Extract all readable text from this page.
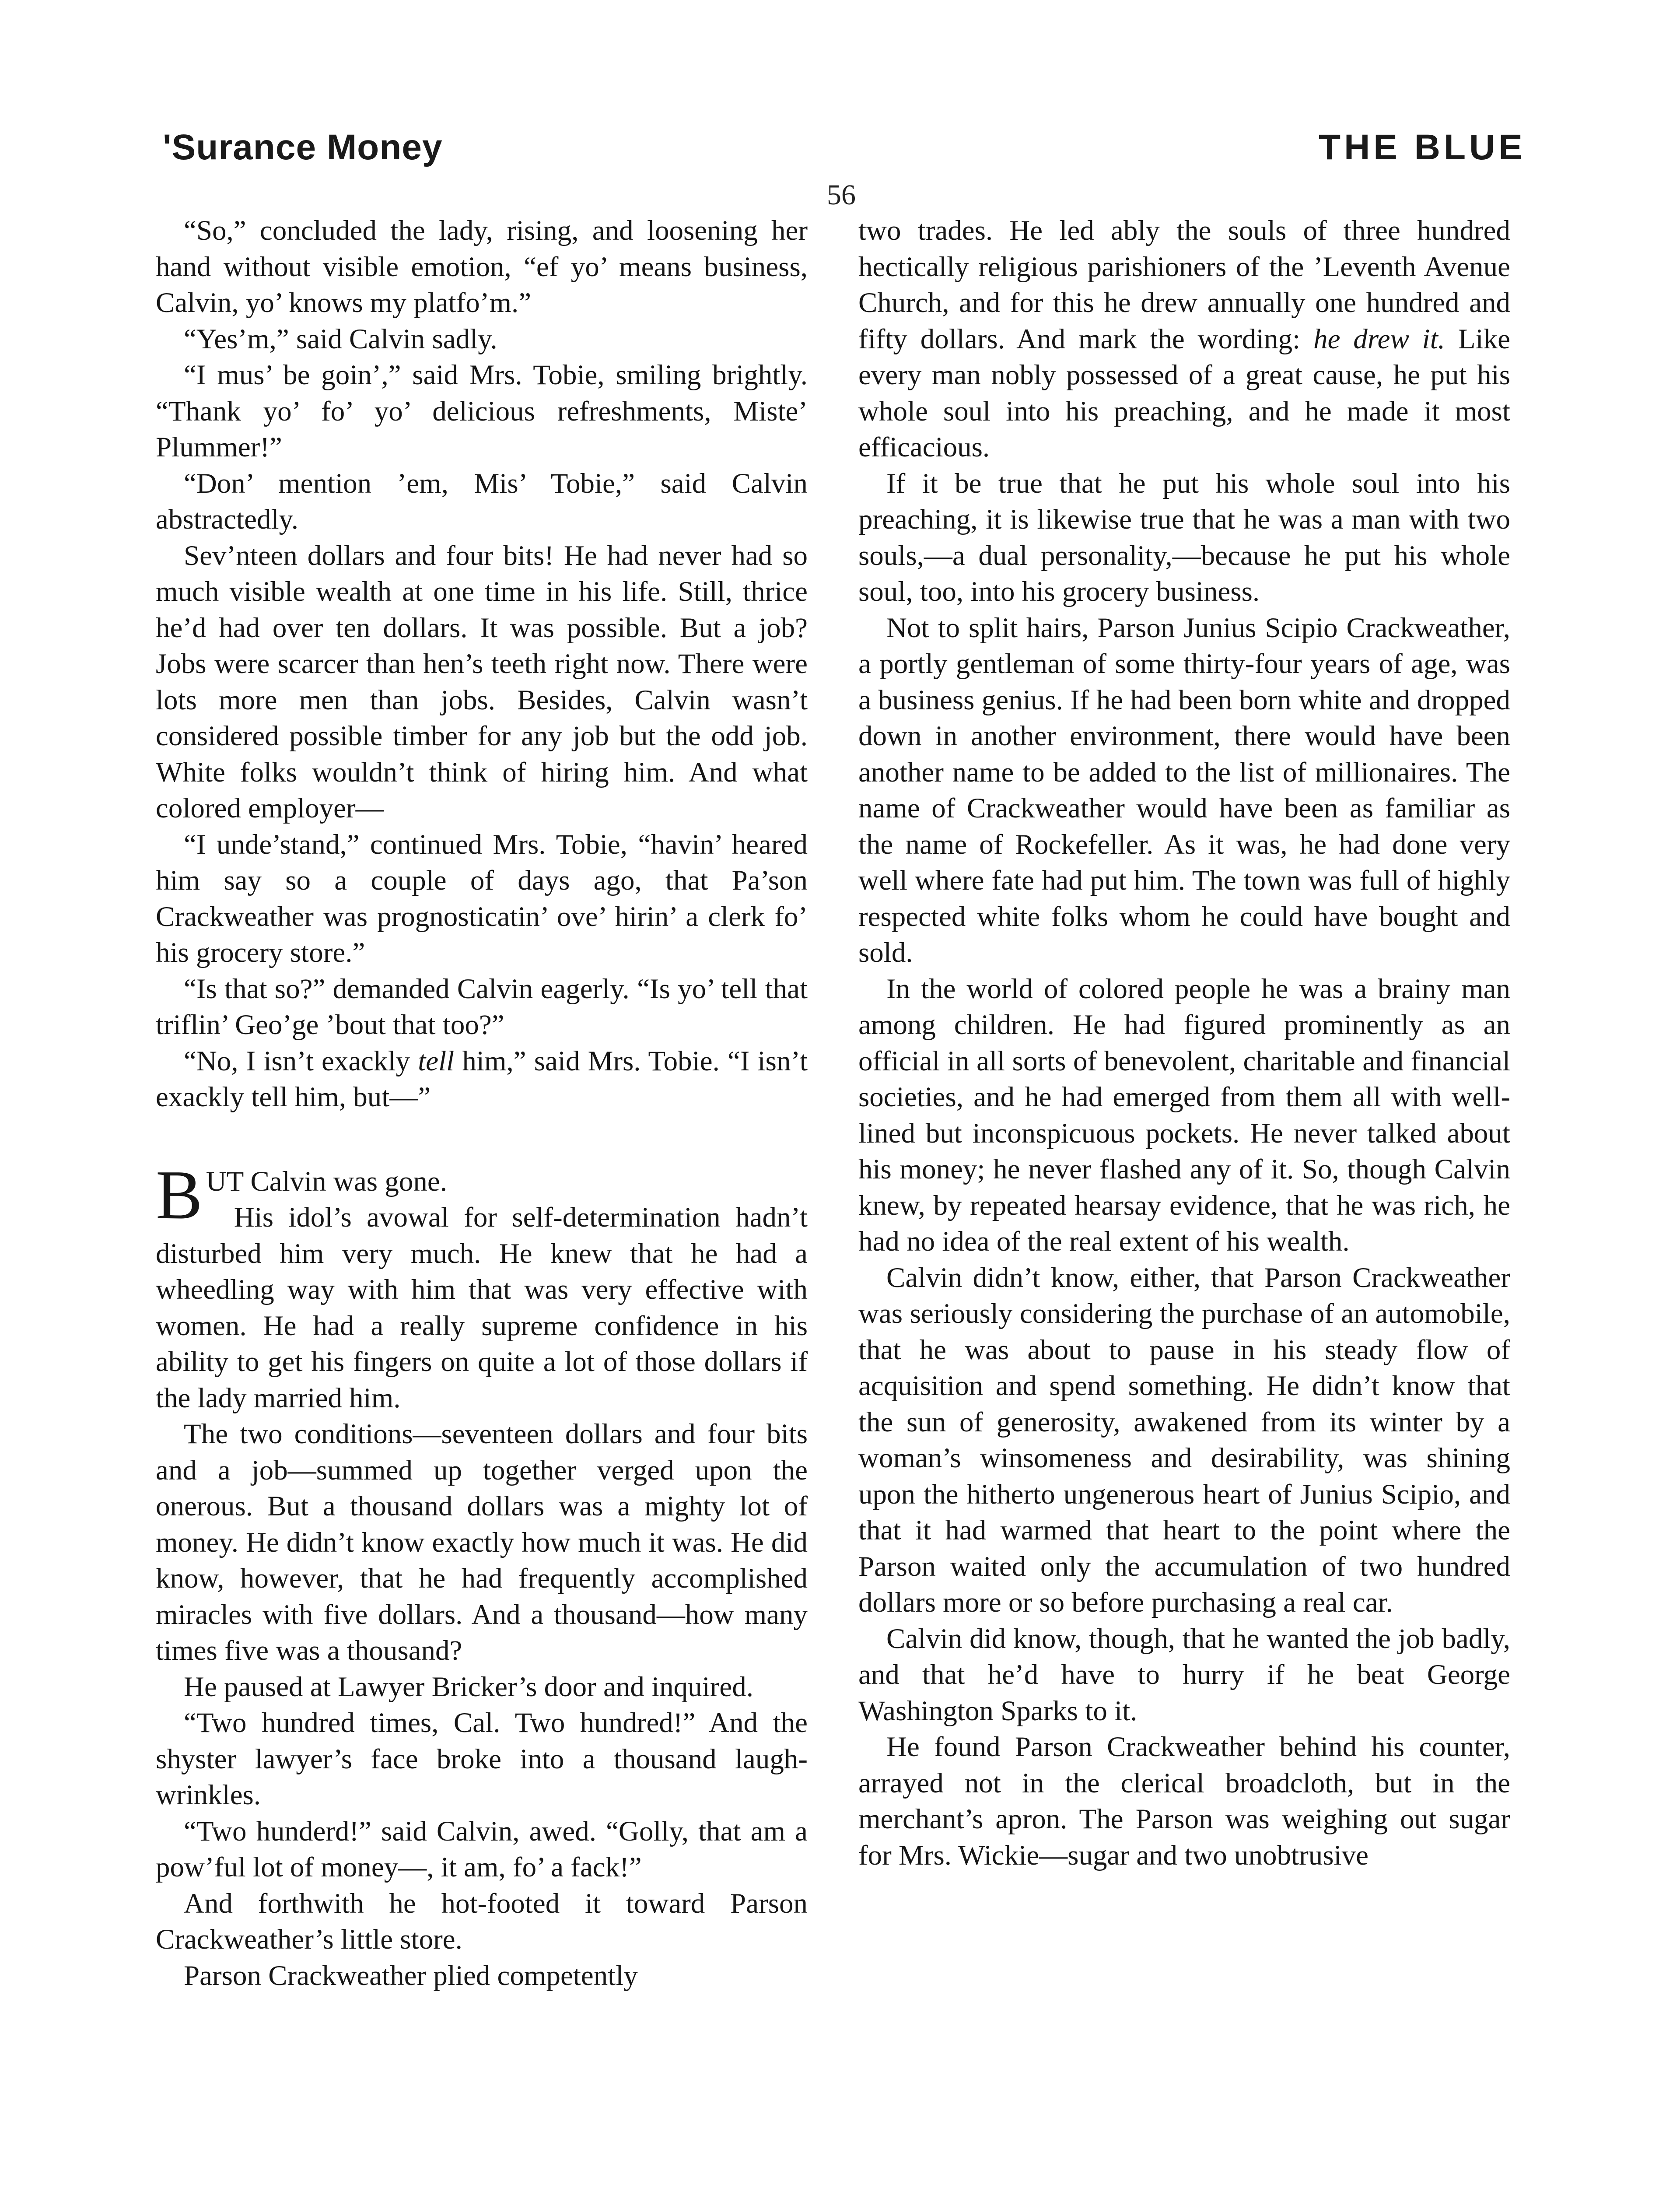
'Surance Money	THE BLUE
56

“So,” concluded the lady, rising, and loosening her hand without visible emotion, “ef yo’ means business, Calvin, yo’ knows my platfo’m.”

“Yes’m,” said Calvin sadly.

“I mus’ be goin’,” said Mrs. Tobie, smiling brightly. “Thank yo’ fo’ yo’ delicious refreshments, Miste’ Plummer!”

“Don’ mention ’em, Mis’ Tobie,” said Calvin abstractedly.

Sev’nteen dollars and four bits! He had never had so much visible wealth at one time in his life. Still, thrice he’d had over ten dollars. It was possible. But a job? Jobs were scarcer than hen’s teeth right now. There were lots more men than jobs. Besides, Calvin wasn’t considered possible timber for any job but the odd job. White folks wouldn’t think of hiring him. And what colored employer—

“I unde’stand,” continued Mrs. Tobie, “havin’ heared him say so a couple of days ago, that Pa’son Crackweather was prognosticatin’ ove’ hirin’ a clerk fo’ his grocery store.”

“Is that so?” demanded Calvin eagerly. “Is yo’ tell that triflin’ Geo’ge ’bout that too?”

“No, I isn’t exackly tell him,” said Mrs. Tobie. “I isn’t exackly tell him, but—”

BUT Calvin was gone.

His idol’s avowal for self-determination hadn’t disturbed him very much. He knew that he had a wheedling way with him that was very effective with women. He had a really supreme confidence in his ability to get his fingers on quite a lot of those dollars if the lady married him.

The two conditions—seventeen dollars and four bits and a job—summed up together verged upon the onerous. But a thousand dollars was a mighty lot of money. He didn’t know exactly how much it was. He did know, however, that he had frequently accomplished miracles with five dollars. And a thousand—how many times five was a thousand?

He paused at Lawyer Bricker’s door and inquired.

“Two hundred times, Cal. Two hundred!” And the shyster lawyer’s face broke into a thousand laugh-wrinkles.

“Two hunderd!” said Calvin, awed. “Golly, that am a pow’ful lot of money—, it am, fo’ a fack!”

And forthwith he hot-footed it toward Parson Crackweather’s little store.

Parson Crackweather plied competently

two trades. He led ably the souls of three hundred hectically religious parishioners of the ’Leventh Avenue Church, and for this he drew annually one hundred and fifty dollars. And mark the wording: he drew it. Like every man nobly possessed of a great cause, he put his whole soul into his preaching, and he made it most efficacious.

If it be true that he put his whole soul into his preaching, it is likewise true that he was a man with two souls,—a dual personality,—because he put his whole soul, too, into his grocery business.

Not to split hairs, Parson Junius Scipio Crackweather, a portly gentleman of some thirty-four years of age, was a business genius. If he had been born white and dropped down in another environment, there would have been another name to be added to the list of millionaires. The name of Crackweather would have been as familiar as the name of Rockefeller. As it was, he had done very well where fate had put him. The town was full of highly respected white folks whom he could have bought and sold.

In the world of colored people he was a brainy man among children. He had figured prominently as an official in all sorts of benevolent, charitable and financial societies, and he had emerged from them all with well-lined but inconspicuous pockets. He never talked about his money; he never flashed any of it. So, though Calvin knew, by repeated hearsay evidence, that he was rich, he had no idea of the real extent of his wealth.

Calvin didn’t know, either, that Parson Crackweather was seriously considering the purchase of an automobile, that he was about to pause in his steady flow of acquisition and spend something. He didn’t know that the sun of generosity, awakened from its winter by a woman’s winsomeness and desirability, was shining upon the hitherto ungenerous heart of Junius Scipio, and that it had warmed that heart to the point where the Parson waited only the accumulation of two hundred dollars more or so before purchasing a real car.

Calvin did know, though, that he wanted the job badly, and that he’d have to hurry if he beat George Washington Sparks to it.

He found Parson Crackweather behind his counter, arrayed not in the clerical broadcloth, but in the merchant’s apron. The Parson was weighing out sugar for Mrs. Wickie—sugar and two unobtrusive
